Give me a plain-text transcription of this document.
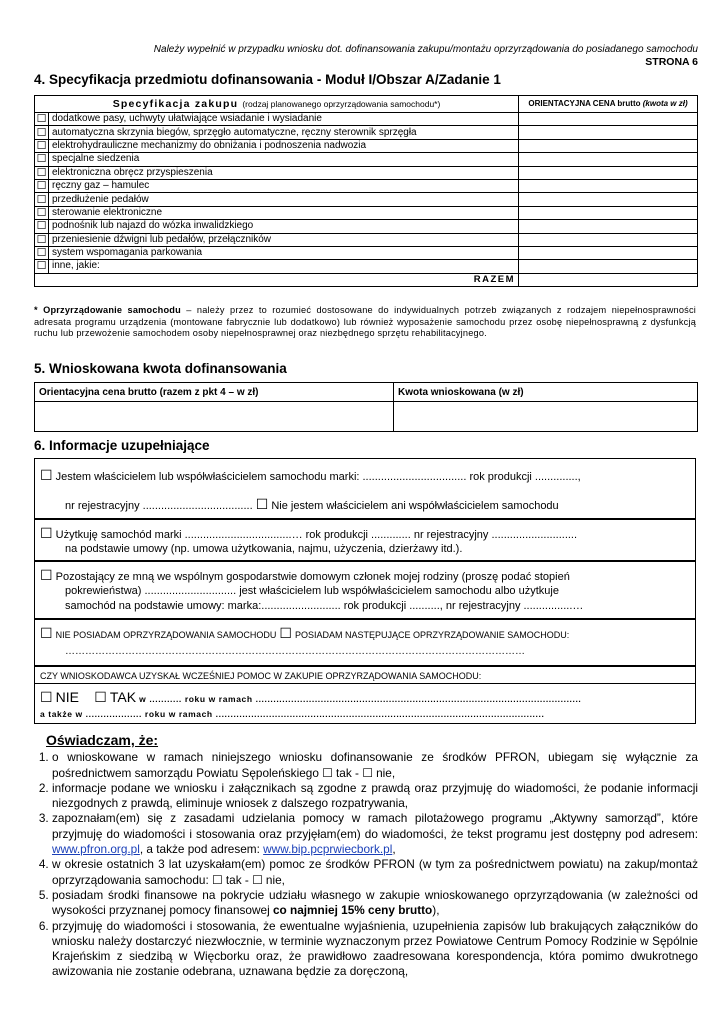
Należy wypełnić w przypadku wniosku dot. dofinansowania zakupu/montażu oprzyrządowania do posiadanego samochodu
STRONA 6
4. Specyfikacja przedmiotu dofinansowania - Moduł I/Obszar A/Zadanie 1
Specyfikacja zakupu (rodzaj planowanego oprzyrządowania samochodu*)		ORIENTACYJNA CENA brutto (kwota w zł)
☐	dodatkowe pasy, uchwyty ułatwiające wsiadanie i wysiadanie	
☐	automatyczna skrzynia biegów, sprzęgło automatyczne, ręczny sterownik sprzęgła	
☐	elektrohydrauliczne mechanizmy do obniżania i podnoszenia nadwozia	
☐	specjalne siedzenia	
☐	elektroniczna obręcz przyspieszenia	
☐	ręczny gaz – hamulec	
☐	przedłużenie pedałów	
☐	sterowanie elektroniczne	
☐	podnośnik lub najazd do wózka inwalidzkiego	
☐	przeniesienie dźwigni lub pedałów, przełączników	
☐	system wspomagania parkowania	
☐	inne, jakie:	
RAZEM		
* Oprzyrządowanie samochodu – należy przez to rozumieć dostosowane do indywidualnych potrzeb związanych z rodzajem niepełnosprawności adresata programu urządzenia (montowane fabrycznie lub dodatkowo) lub również wyposażenie samochodu przez osobę niepełnosprawną z dysfunkcją ruchu lub przewożenie samochodem osoby niepełnosprawnej oraz niezbędnego sprzętu rehabilitacyjnego.
5. Wnioskowana kwota dofinansowania
Orientacyjna cena brutto (razem z pkt 4 – w zł)	Kwota wnioskowana (w zł)

6. Informacje uzupełniające
☐ Jestem właścicielem lub współwłaścicielem samochodu marki: .................................. rok produkcji ..............,
nr rejestracyjny .................................... ☐ Nie jestem właścicielem ani współwłaścicielem samochodu
☐ Użytkuję samochód marki ...................................… rok produkcji ............. nr rejestracyjny ............................
na podstawie umowy (np. umowa użytkowania, najmu, użyczenia, dzierżawy itd.).
☐ Pozostający ze mną we wspólnym gospodarstwie domowym członek mojej rodziny (proszę podać stopień
pokrewieństwa) .............................. jest właścicielem lub współwłaścicielem samochodu albo użytkuje
samochód na podstawie umowy: marka:.......................... rok produkcji .........., nr rejestracyjny ................…
☐ NIE POSIADAM OPRZYRZĄDOWANIA SAMOCHODU ☐ POSIADAM NASTĘPUJĄCE OPRZYRZĄDOWANIE SAMOCHODU:
…………………………………………………………………………………………………………………………
CZY WNIOSKODAWCA UZYSKAŁ WCZEŚNIEJ POMOC W ZAKUPIE OPRZYRZĄDOWANIA SAMOCHODU:
☐ NIE ☐ TAK w ........... roku w ramach ..............................................................................................................
a także w ................... roku w ramach ...............................................................................................................
Oświadczam, że:
1. o wnioskowane w ramach niniejszego wniosku dofinansowanie ze środków PFRON, ubiegam się wyłącznie za pośrednictwem samorządu Powiatu Sępoleńskiego ☐ tak - ☐ nie,
2. informacje podane we wniosku i załącznikach są zgodne z prawdą oraz przyjmuję do wiadomości, że podanie informacji niezgodnych z prawdą, eliminuje wniosek z dalszego rozpatrywania,
3. zapoznałam(em) się z zasadami udzielania pomocy w ramach pilotażowego programu „Aktywny samorząd”, które przyjmuję do wiadomości i stosowania oraz przyjęłam(em) do wiadomości, że tekst programu jest dostępny pod adresem: www.pfron.org.pl, a także pod adresem: www.bip.pcprwiecbork.pl,
4. w okresie ostatnich 3 lat uzyskałam(em) pomoc ze środków PFRON (w tym za pośrednictwem powiatu) na zakup/montaż oprzyrządowania samochodu: ☐ tak - ☐ nie,
5. posiadam środki finansowe na pokrycie udziału własnego w zakupie wnioskowanego oprzyrządowania (w zależności od wysokości przyznanej pomocy finansowej co najmniej 15% ceny brutto),
6. przyjmuję do wiadomości i stosowania, że ewentualne wyjaśnienia, uzupełnienia zapisów lub brakujących załączników do wniosku należy dostarczyć niezwłocznie, w terminie wyznaczonym przez Powiatowe Centrum Pomocy Rodzinie w Sępólnie Krajeńskim z siedzibą w Więcborku oraz, że prawidłowo zaadresowana korespondencja, która pomimo dwukrotnego awizowania nie zostanie odebrana, uznawana będzie za doręczoną,
